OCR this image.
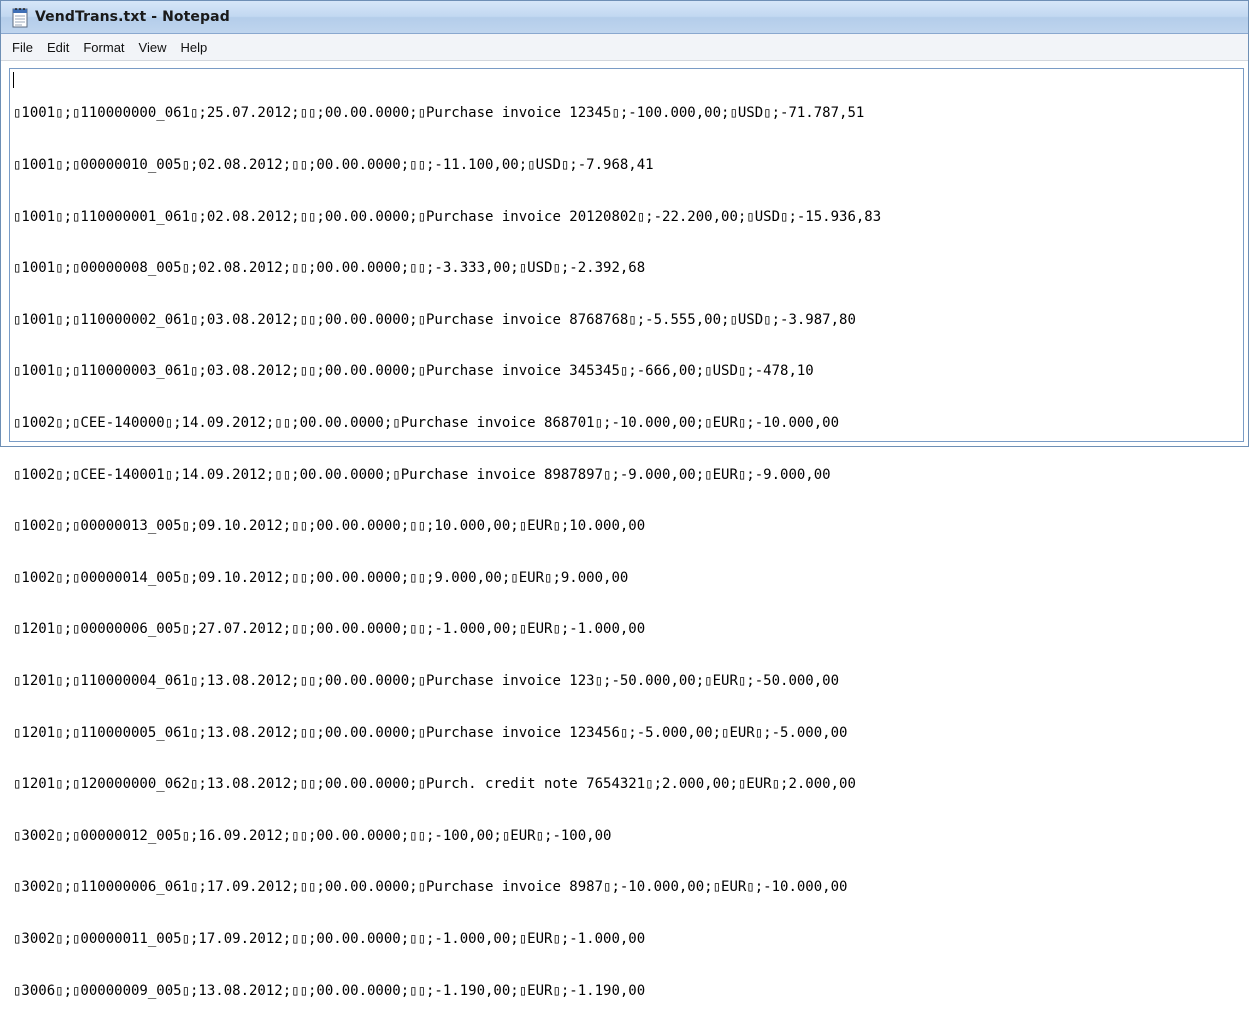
VendTrans.txt - Notepad
File	Edit	Format	View	Help

▯1001▯;▯110000000_061▯;25.07.2012;▯▯;00.00.0000;▯Purchase invoice 12345▯;-100.000,00;▯USD▯;-71.787,51

▯1001▯;▯00000010_005▯;02.08.2012;▯▯;00.00.0000;▯▯;-11.100,00;▯USD▯;-7.968,41

▯1001▯;▯110000001_061▯;02.08.2012;▯▯;00.00.0000;▯Purchase invoice 20120802▯;-22.200,00;▯USD▯;-15.936,83

▯1001▯;▯00000008_005▯;02.08.2012;▯▯;00.00.0000;▯▯;-3.333,00;▯USD▯;-2.392,68

▯1001▯;▯110000002_061▯;03.08.2012;▯▯;00.00.0000;▯Purchase invoice 8768768▯;-5.555,00;▯USD▯;-3.987,80

▯1001▯;▯110000003_061▯;03.08.2012;▯▯;00.00.0000;▯Purchase invoice 345345▯;-666,00;▯USD▯;-478,10

▯1002▯;▯CEE-140000▯;14.09.2012;▯▯;00.00.0000;▯Purchase invoice 868701▯;-10.000,00;▯EUR▯;-10.000,00

▯1002▯;▯CEE-140001▯;14.09.2012;▯▯;00.00.0000;▯Purchase invoice 8987897▯;-9.000,00;▯EUR▯;-9.000,00

▯1002▯;▯00000013_005▯;09.10.2012;▯▯;00.00.0000;▯▯;10.000,00;▯EUR▯;10.000,00

▯1002▯;▯00000014_005▯;09.10.2012;▯▯;00.00.0000;▯▯;9.000,00;▯EUR▯;9.000,00

▯1201▯;▯00000006_005▯;27.07.2012;▯▯;00.00.0000;▯▯;-1.000,00;▯EUR▯;-1.000,00

▯1201▯;▯110000004_061▯;13.08.2012;▯▯;00.00.0000;▯Purchase invoice 123▯;-50.000,00;▯EUR▯;-50.000,00

▯1201▯;▯110000005_061▯;13.08.2012;▯▯;00.00.0000;▯Purchase invoice 123456▯;-5.000,00;▯EUR▯;-5.000,00

▯1201▯;▯120000000_062▯;13.08.2012;▯▯;00.00.0000;▯Purch. credit note 7654321▯;2.000,00;▯EUR▯;2.000,00

▯3002▯;▯00000012_005▯;16.09.2012;▯▯;00.00.0000;▯▯;-100,00;▯EUR▯;-100,00

▯3002▯;▯110000006_061▯;17.09.2012;▯▯;00.00.0000;▯Purchase invoice 8987▯;-10.000,00;▯EUR▯;-10.000,00

▯3002▯;▯00000011_005▯;17.09.2012;▯▯;00.00.0000;▯▯;-1.000,00;▯EUR▯;-1.000,00

▯3006▯;▯00000009_005▯;13.08.2012;▯▯;00.00.0000;▯▯;-1.190,00;▯EUR▯;-1.190,00
